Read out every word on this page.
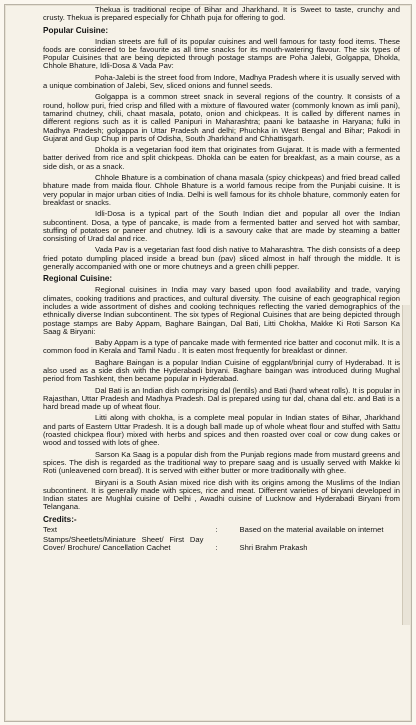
Thekua is traditional recipe of Bihar and Jharkhand. It is Sweet to taste, crunchy and crusty. Thekua is prepared especially for Chhath puja for offering to god.

Popular Cuisine:

Indian streets are full of its popular cuisines and well famous for tasty food items. These foods are considered to be favourite as all time snacks for its mouth-watering flavour. The six types of Popular Cuisines that are being depicted through postage stamps are Poha Jalebi, Golgappa, Dhokla, Chhole Bhature, Idli-Dosa & Vada Pav:

Poha-Jalebi is the street food from Indore, Madhya Pradesh where it is usually served with a unique combination of Jalebi, Sev, sliced onions and funnel seeds.

Golgappa is a common street snack in several regions of the country. It consists of a round, hollow puri, fried crisp and filled with a mixture of flavoured water (commonly known as imli pani), tamarind chutney, chili, chaat masala, potato, onion and chickpeas. It is called by different names in different regions such as it is called Panipuri in Maharashtra; paani ke bataashe in Haryana; fulki in Madhya Pradesh; golgappa in Uttar Pradesh and delhi; Phuchka in West Bengal and Bihar; Pakodi in Gujarat and Gup Chup in parts of Odisha, South Jharkhand and Chhattisgarh.

Dhokla is a vegetarian food item that originates from Gujarat. It is made with a fermented batter derived from rice and split chickpeas. Dhokla can be eaten for breakfast, as a main course, as a side dish, or as a snack.

Chhole Bhature is a combination of chana masala (spicy chickpeas) and fried bread called bhature made from maida flour. Chhole Bhature is a world famous recipe from the Punjabi cuisine. It is very popular in major urban cities of India. Delhi is well famous for its chhole bhature, commonly eaten for breakfast or snacks.

Idli-Dosa is a typical part of the South Indian diet and popular all over the Indian subcontinent. Dosa, a type of pancake, is made from a fermented batter and served hot with sambar, stuffing of potatoes or paneer and chutney. Idli is a savoury cake that are made by steaming a batter consisting of Urad dal and rice.

Vada Pav is a vegetarian fast food dish native to Maharashtra. The dish consists of a deep fried potato dumpling placed inside a bread bun (pav) sliced almost in half through the middle. It is generally accompanied with one or more chutneys and a green chilli pepper.

Regional Cuisine:

Regional cuisines in India may vary based upon food availability and trade, varying climates, cooking traditions and practices, and cultural diversity. The cuisine of each geographical region includes a wide assortment of dishes and cooking techniques reflecting the varied demographics of the ethnically diverse Indian subcontinent. The six types of Regional Cuisines that are being depicted through postage stamps are Baby Appam, Baghare Baingan, Dal Bati, Litti Chokha, Makke Ki Roti Sarson Ka Saag & Biryani:

Baby Appam is a type of pancake made with fermented rice batter and coconut milk. It is a common food in Kerala and Tamil Nadu . It is eaten most frequently for breakfast or dinner.

Baghare Baingan is a popular Indian Cuisine of eggplant/brinjal curry of Hyderabad. It is also used as a side dish with the Hyderabadi biryani. Baghare baingan was introduced during Mughal period from Tashkent, then became popular in Hyderabad.

Dal Bati is an Indian dish comprising dal (lentils) and Bati (hard wheat rolls). It is popular in Rajasthan, Uttar Pradesh and Madhya Pradesh. Dal is prepared using tur dal, chana dal etc. and Bati is a hard bread made up of wheat flour.

Litti along with chokha, is a complete meal popular in Indian states of Bihar, Jharkhand and parts of Eastern Uttar Pradesh. It is a dough ball made up of whole wheat flour and stuffed with Sattu (roasted chickpea flour) mixed with herbs and spices and then roasted over coal or cow dung cakes or wood and tossed with lots of ghee.

Sarson Ka Saag is a popular dish from the Punjab regions made from mustard greens and spices. The dish is regarded as the traditional way to prepare saag and is usually served with Makke ki Roti (unleavened corn bread). It is served with either butter or more traditionally with ghee.

Biryani is a South Asian mixed rice dish with its origins among the Muslims of the Indian subcontinent. It is generally made with spices, rice and meat. Different varieties of biryani developed in Indian states are Mughlai cuisine of Delhi , Awadhi cuisine of Lucknow and Hyderabadi Biryani from Telangana.

Credits:-
Text	:	Based on the material available on internet
Stamps/Sheetlets/Miniature Sheet/ First Day Cover/ Brochure/ Cancellation Cachet	:	Shri Brahm Prakash
